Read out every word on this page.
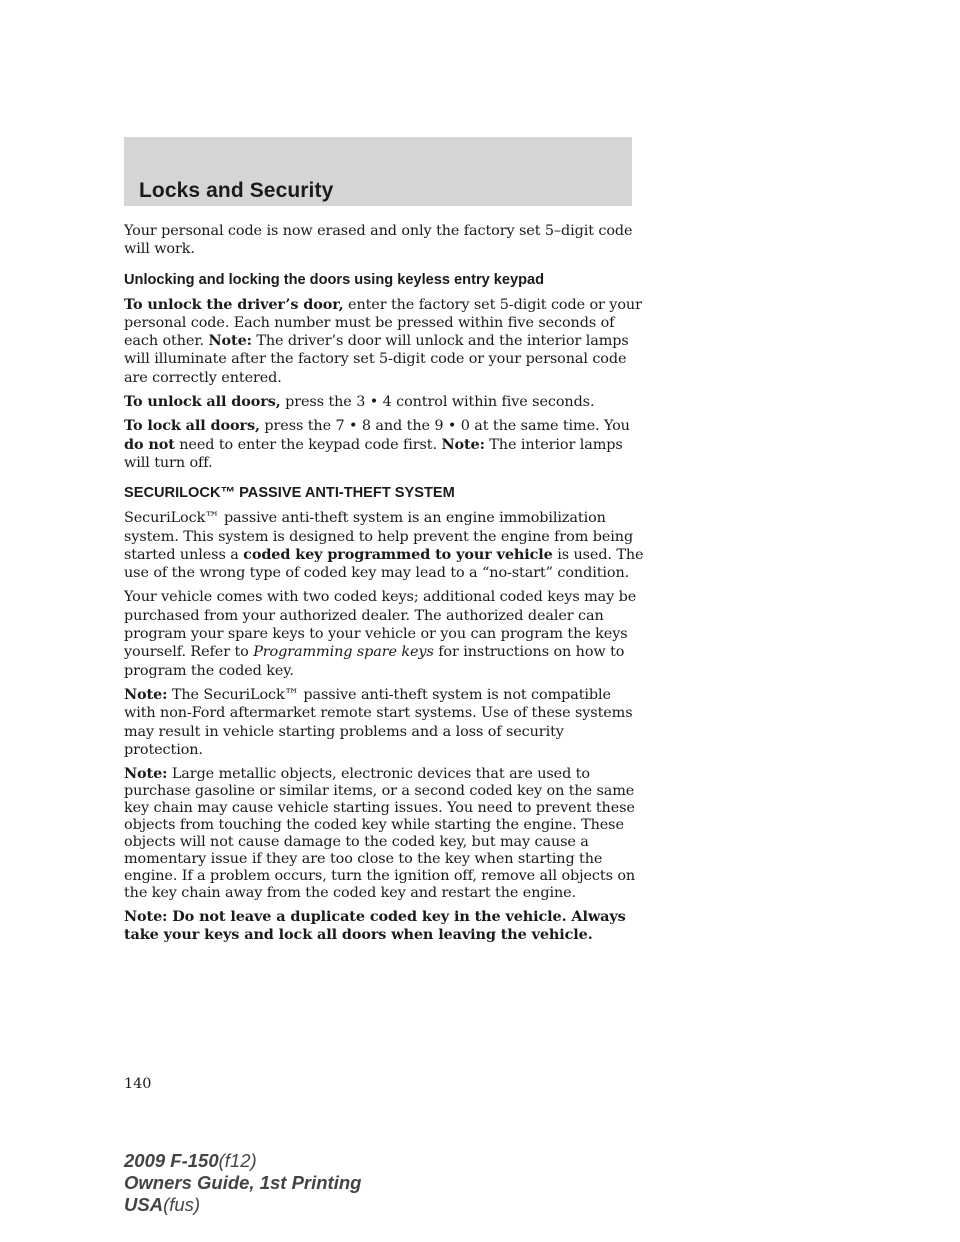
Locks and Security

Your personal code is now erased and only the factory set 5–digit code will work.

Unlocking and locking the doors using keyless entry keypad

To unlock the driver’s door, enter the factory set 5-digit code or your personal code. Each number must be pressed within five seconds of each other. Note: The driver’s door will unlock and the interior lamps will illuminate after the factory set 5-digit code or your personal code are correctly entered.

To unlock all doors, press the 3 • 4 control within five seconds.

To lock all doors, press the 7 • 8 and the 9 • 0 at the same time. You do not need to enter the keypad code first. Note: The interior lamps will turn off.

SECURILOCK™ PASSIVE ANTI-THEFT SYSTEM

SecuriLock™ passive anti-theft system is an engine immobilization system. This system is designed to help prevent the engine from being started unless a coded key programmed to your vehicle is used. The use of the wrong type of coded key may lead to a “no-start” condition.

Your vehicle comes with two coded keys; additional coded keys may be purchased from your authorized dealer. The authorized dealer can program your spare keys to your vehicle or you can program the keys yourself. Refer to Programming spare keys for instructions on how to program the coded key.

Note: The SecuriLock™ passive anti-theft system is not compatible with non-Ford aftermarket remote start systems. Use of these systems may result in vehicle starting problems and a loss of security protection.

Note: Large metallic objects, electronic devices that are used to purchase gasoline or similar items, or a second coded key on the same key chain may cause vehicle starting issues. You need to prevent these objects from touching the coded key while starting the engine. These objects will not cause damage to the coded key, but may cause a momentary issue if they are too close to the key when starting the engine. If a problem occurs, turn the ignition off, remove all objects on the key chain away from the coded key and restart the engine.

Note: Do not leave a duplicate coded key in the vehicle. Always take your keys and lock all doors when leaving the vehicle.

140
2009 F-150(f12)
Owners Guide, 1st Printing
USA(fus)
